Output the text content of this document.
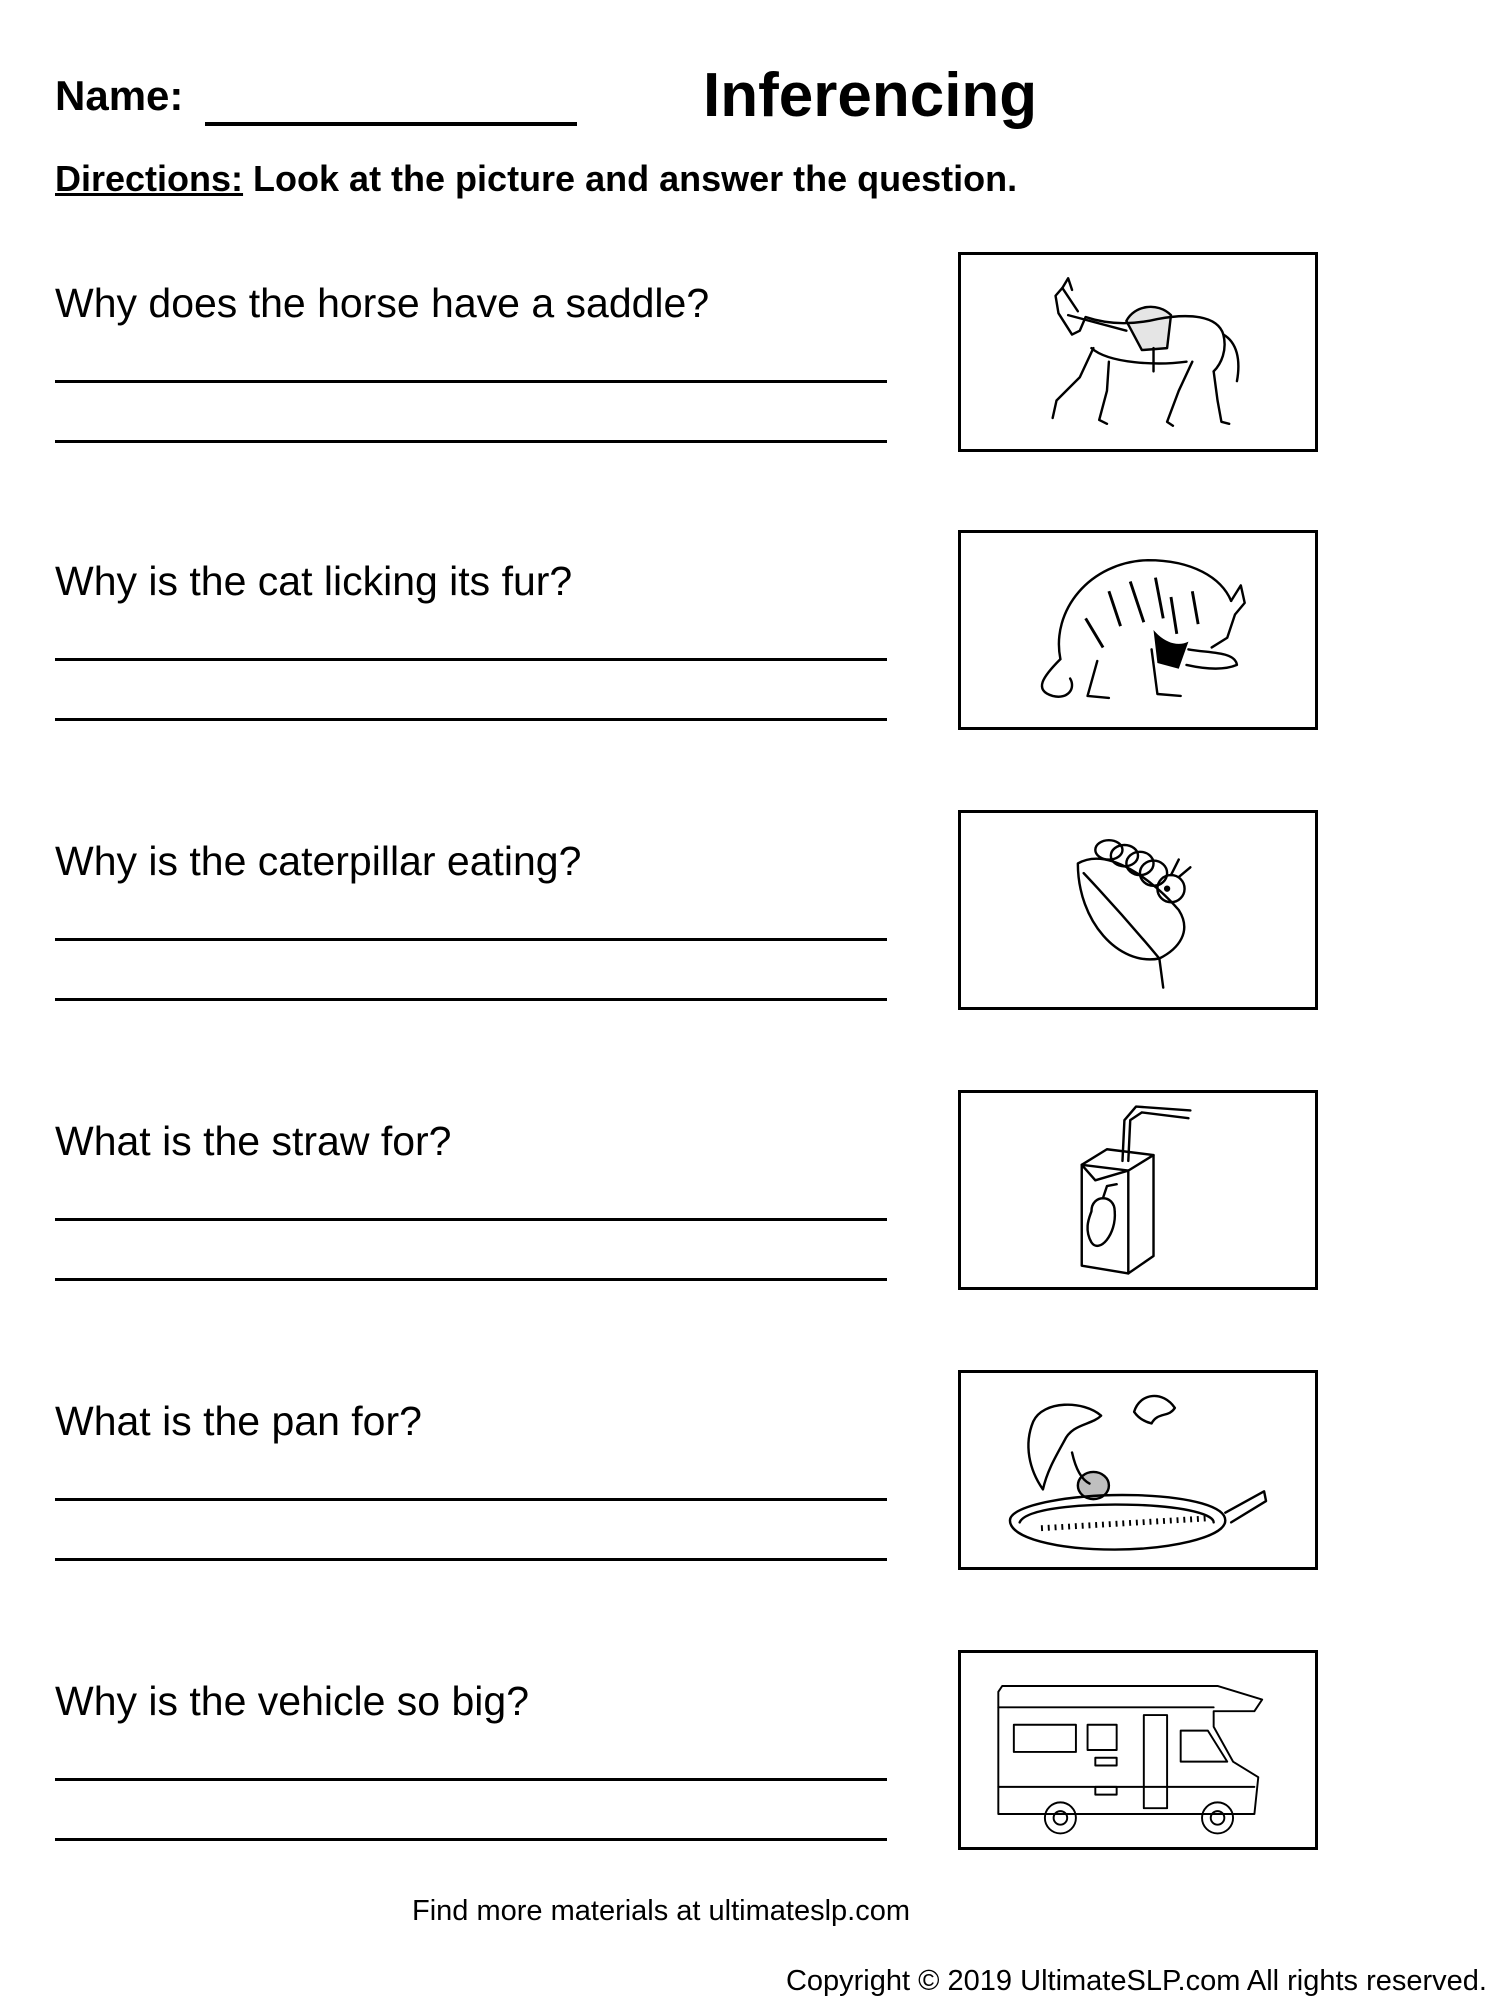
Name:	Inferencing
Directions: Look at the picture and answer the question.
Why does the horse have a saddle?
Why is the cat licking its fur?
Why is the caterpillar eating?
What is the straw for?
What is the pan for?
Why is the vehicle so big?
Find more materials at ultimateslp.com
Copyright © 2019 UltimateSLP.com All rights reserved.
